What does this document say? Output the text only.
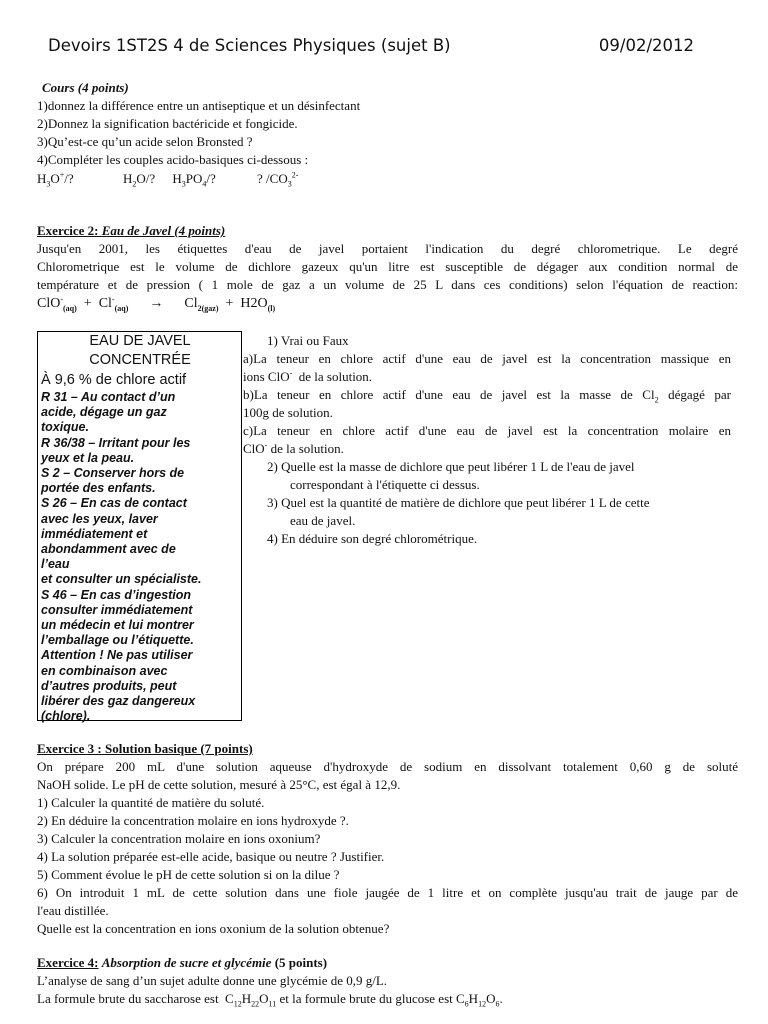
Devoirs 1ST2S 4 de Sciences Physiques (sujet B)	09/02/2012
Cours (4 points)
1)donnez la différence entre un antiseptique et un désinfectant
2)Donnez la signification bactéricide et fongicide.
3)Qu’est-ce qu’un acide selon Bronsted ?
4)Compléter les couples acido-basiques ci-dessous :
$H_3O^+/$?	$H_2O/$? $H_3PO_4/$?	? $/CO_3^{2-}$
Exercice 2: Eau de Javel (4 points)
Jusqu'en 2001, les étiquettes d'eau de javel portaient l'indication du degré chlorometrique. Le degré
Chlorometrique est le volume de dichlore gazeux qu'un litre est susceptible de dégager aux condition normal de
température et de pression ( 1 mole de gaz a un volume de 25 L dans ces conditions) selon l'équation de reaction:
$ClO^-_{(aq)} + Cl^-_{(aq)}$      →      $Cl_{2(gaz)} + H2O_{(l)}$
EAU DE JAVEL
CONCENTRÉE
À 9,6 % de chlore actif
R 31 – Au contact d’un
acide, dégage un gaz
toxique.
R 36/38 – Irritant pour les
yeux et la peau.
S 2 – Conserver hors de
portée des enfants.
S 26 – En cas de contact
avec les yeux, laver
immédiatement et
abondamment avec de
l’eau
et consulter un spécialiste.
S 46 – En cas d’ingestion
consulter immédiatement
un médecin et lui montrer
l’emballage ou l’étiquette.
Attention ! Ne pas utiliser
en combinaison avec
d’autres produits, peut
libérer des gaz dangereux
(chlore).
1) Vrai ou Faux
a)La teneur en chlore actif d'une eau de javel est la concentration massique en
ions ClO-  de la solution.
b)La teneur en chlore actif d'une eau de javel est la masse de $Cl_2$ dégagé par
100g de solution.
c)La teneur en chlore actif d'une eau de javel est la concentration molaire en
ClO- de la solution.
2) Quelle est la masse de dichlore que peut libérer 1 L de l'eau de javel
correspondant à l'étiquette ci dessus.
3) Quel est la quantité de matière de dichlore que peut libérer 1 L de cette
eau de javel.
4) En déduire son degré chlorométrique.
Exercice 3 : Solution basique (7 points)
On prépare 200 mL d'une solution aqueuse d'hydroxyde de sodium en dissolvant totalement 0,60 g de soluté
NaOH solide. Le pH de cette solution, mesuré à 25°C, est égal à 12,9.
1) Calculer la quantité de matière du soluté.
2) En déduire la concentration molaire en ions hydroxyde ?.
3) Calculer la concentration molaire en ions oxonium?
4) La solution préparée est-elle acide, basique ou neutre ? Justifier.
5) Comment évolue le pH de cette solution si on la dilue ?
6) On introduit 1 mL de cette solution dans une fiole jaugée de 1 litre et on complète jusqu'au trait de jauge par de
l'eau distillée.
Quelle est la concentration en ions oxonium de la solution obtenue?
Exercice 4: Absorption de sucre et glycémie (5 points)
L’analyse de sang d’un sujet adulte donne une glycémie de 0,9 g/L.
La formule brute du saccharose est  $C_{12}H_{22}O_{11}$ et la formule brute du glucose est $C_6H_{12}O_6$.
